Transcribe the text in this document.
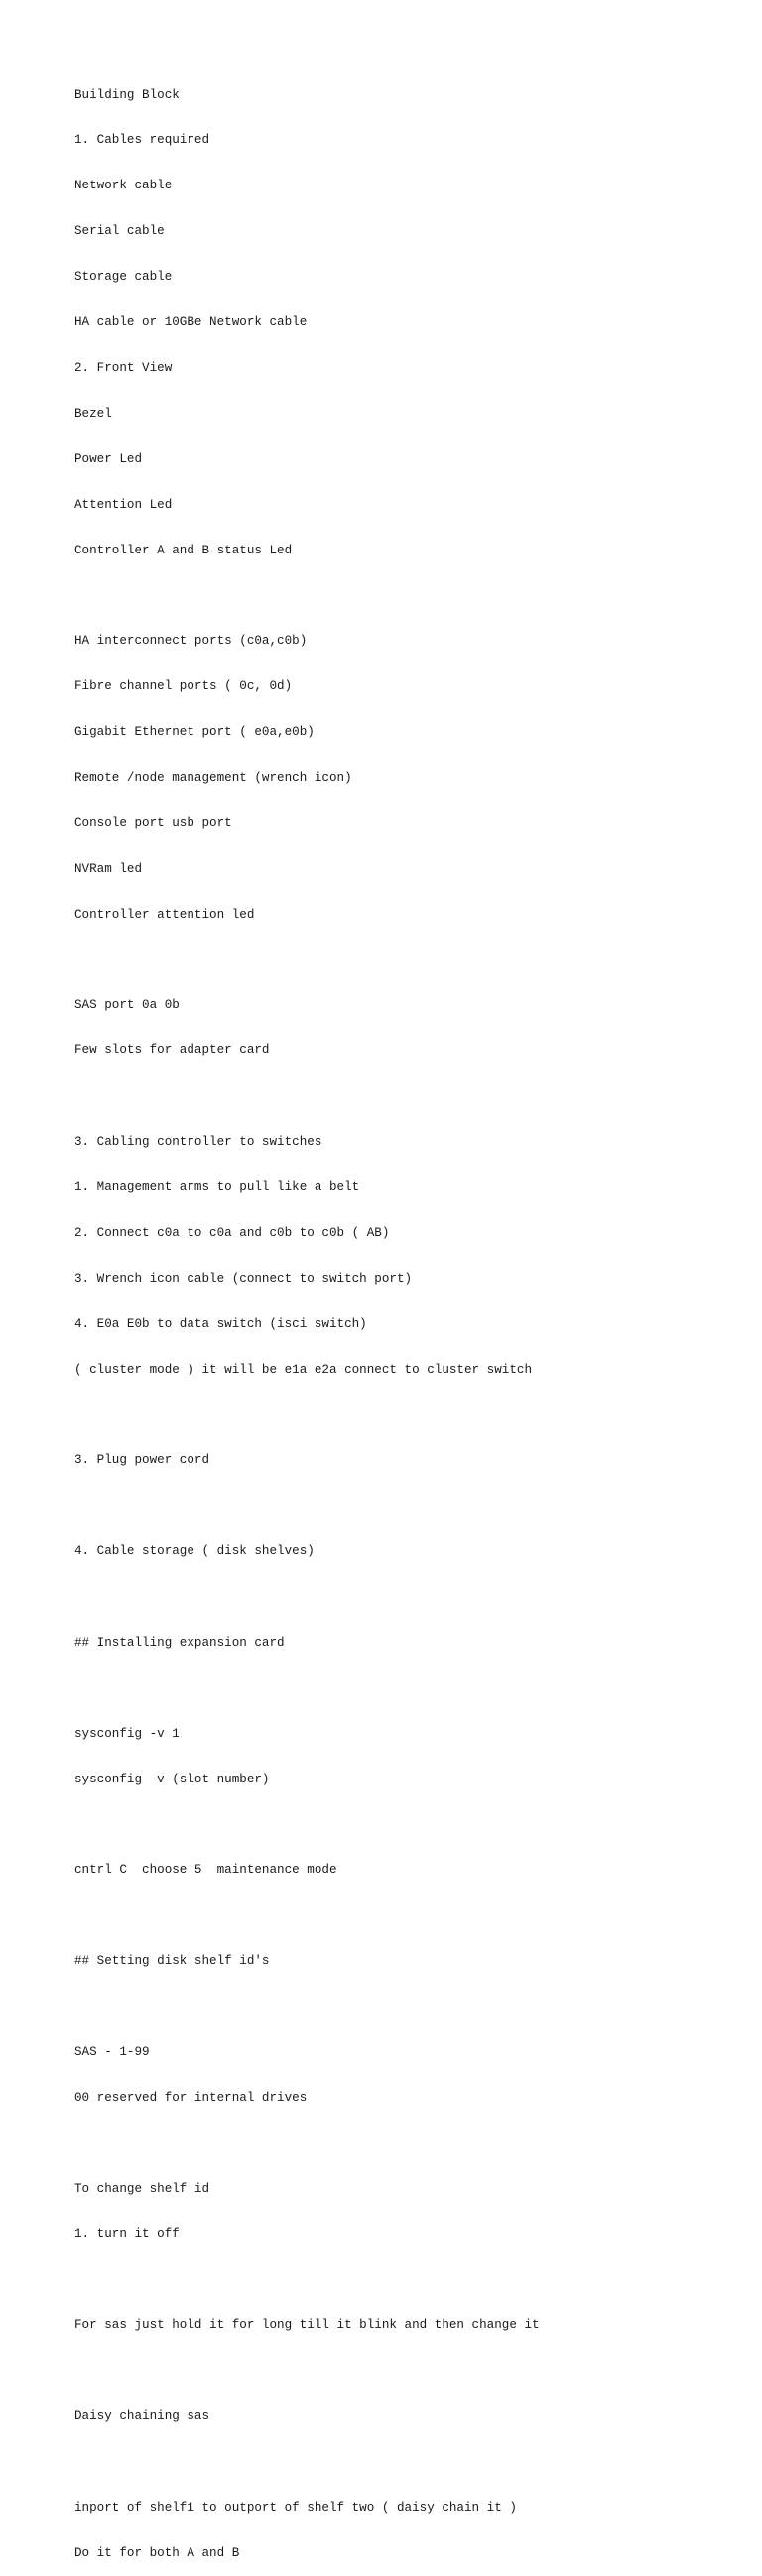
Building Block

1. Cables required

Network cable

Serial cable

Storage cable

HA cable or 10GBe Network cable

2. Front View

Bezel

Power Led

Attention Led

Controller A and B status Led

HA interconnect ports (c0a,c0b)

Fibre channel ports ( 0c, 0d)

Gigabit Ethernet port ( e0a,e0b)

Remote /node management (wrench icon)

Console port usb port

NVRam led

Controller attention led

SAS port 0a 0b

Few slots for adapter card

3. Cabling controller to switches

1. Management arms to pull like a belt

2. Connect c0a to c0a and c0b to c0b ( AB)

3. Wrench icon cable (connect to switch port)

4. E0a E0b to data switch (isci switch)

( cluster mode ) it will be e1a e2a connect to cluster switch

3. Plug power cord

4. Cable storage ( disk shelves)

## Installing expansion card

sysconfig -v 1

sysconfig -v (slot number)

cntrl C  choose 5  maintenance mode

## Setting disk shelf id's

SAS - 1-99

00 reserved for internal drives

To change shelf id

1. turn it off

For sas just hold it for long till it blink and then change it

Daisy chaining sas

inport of shelf1 to outport of shelf two ( daisy chain it )

Do it for both A and B
